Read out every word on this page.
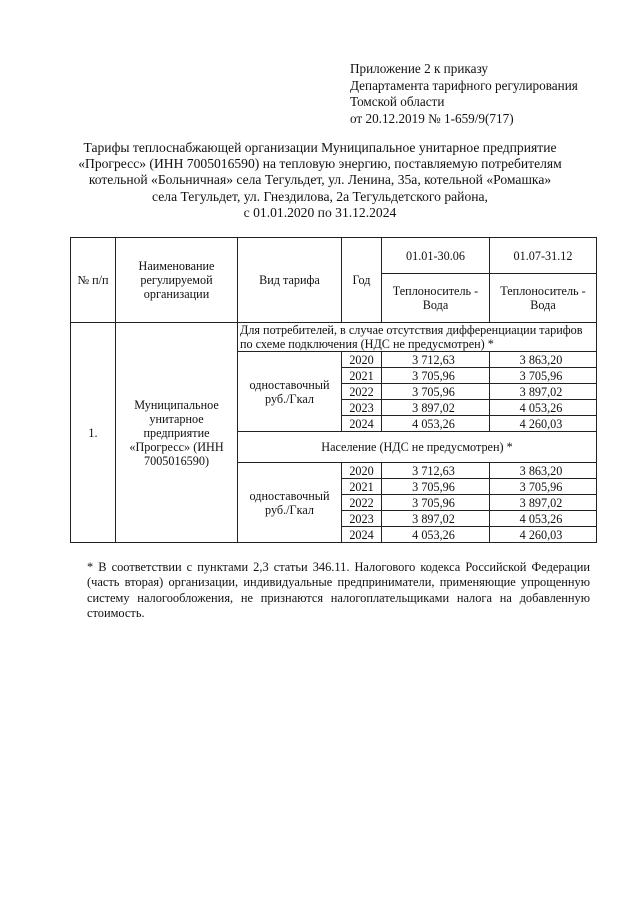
Приложение 2 к приказу
Департамента тарифного регулирования
Томской области
от 20.12.2019 № 1-659/9(717)
Тарифы теплоснабжающей организации Муниципальное унитарное предприятие
«Прогресс» (ИНН 7005016590) на тепловую энергию, поставляемую потребителям
котельной «Больничная» села Тегульдет, ул. Ленина, 35а, котельной «Ромашка»
села Тегульдет, ул. Гнездилова, 2а Тегульдетского района,
с 01.01.2020 по 31.12.2024
№ п/п	Наименование регулируемой организации	Вид тарифа	Год	01.01-30.06	01.07-31.12
				Теплоноситель - Вода	Теплоноситель - Вода
1.	Муниципальное унитарное предприятие «Прогресс» (ИНН 7005016590)	Для потребителей, в случае отсутствия дифференциации тарифов по схеме подключения (НДС не предусмотрен) *			
		одноставочный руб./Гкал	2020	3 712,63	3 863,20
			2021	3 705,96	3 705,96
			2022	3 705,96	3 897,02
			2023	3 897,02	4 053,26
			2024	4 053,26	4 260,03
		Население (НДС не предусмотрен) *			
		одноставочный руб./Гкал	2020	3 712,63	3 863,20
			2021	3 705,96	3 705,96
			2022	3 705,96	3 897,02
			2023	3 897,02	4 053,26
			2024	4 053,26	4 260,03
* В соответствии с пунктами 2,3 статьи 346.11. Налогового кодекса Российской Федерации (часть вторая) организации, индивидуальные предприниматели, применяющие упрощенную систему налогообложения, не признаются налогоплательщиками налога на добавленную стоимость.
